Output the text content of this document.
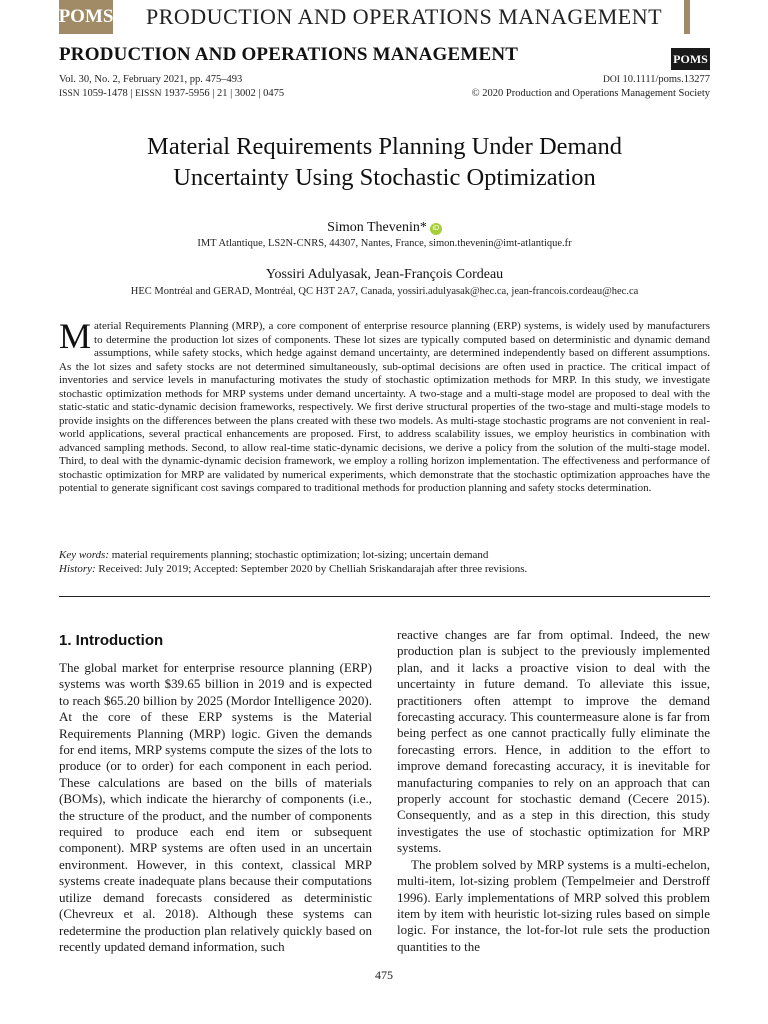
POMS PRODUCTION AND OPERATIONS MANAGEMENT
PRODUCTION AND OPERATIONS MANAGEMENT	POMS
Vol. 30, No. 2, February 2021, pp. 475–493
ISSN 1059-1478 | EISSN 1937-5956 | 21 | 3002 | 0475
DOI 10.1111/poms.13277
© 2020 Production and Operations Management Society
Material Requirements Planning Under Demand
Uncertainty Using Stochastic Optimization
Simon Thevenin* iD
IMT Atlantique, LS2N-CNRS, 44307, Nantes, France, simon.thevenin@imt-atlantique.fr
Yossiri Adulyasak, Jean-François Cordeau
HEC Montréal and GERAD, Montréal, QC H3T 2A7, Canada, yossiri.adulyasak@hec.ca, jean-francois.cordeau@hec.ca
Material Requirements Planning (MRP), a core component of enterprise resource planning (ERP) systems, is widely used by manufacturers to determine the production lot sizes of components. These lot sizes are typically computed based on deterministic and dynamic demand assumptions, while safety stocks, which hedge against demand uncertainty, are determined independently based on different assumptions. As the lot sizes and safety stocks are not determined simultaneously, sub-optimal decisions are often used in practice. The critical impact of inventories and service levels in manufacturing motivates the study of stochastic optimization methods for MRP. In this study, we investigate stochastic optimization methods for MRP systems under demand uncertainty. A two-stage and a multi-stage model are proposed to deal with the static-static and static-dynamic decision frameworks, respectively. We first derive structural properties of the two-stage and multi-stage models to provide insights on the differences between the plans created with these two models. As multi-stage stochastic programs are not convenient in real-world applications, several practical enhancements are proposed. First, to address scalability issues, we employ heuristics in combination with advanced sampling methods. Second, to allow real-time static-dynamic decisions, we derive a policy from the solution of the multi-stage model. Third, to deal with the dynamic-dynamic decision framework, we employ a rolling horizon implementation. The effectiveness and performance of stochastic optimization for MRP are validated by numerical experiments, which demonstrate that the stochastic optimization approaches have the potential to generate significant cost savings compared to traditional methods for production planning and safety stocks determination.
Key words: material requirements planning; stochastic optimization; lot-sizing; uncertain demand
History: Received: July 2019; Accepted: September 2020 by Chelliah Sriskandarajah after three revisions.
1. Introduction

The global market for enterprise resource planning (ERP) systems was worth $39.65 billion in 2019 and is expected to reach $65.20 billion by 2025 (Mordor Intelligence 2020). At the core of these ERP systems is the Material Requirements Planning (MRP) logic. Given the demands for end items, MRP systems compute the sizes of the lots to produce (or to order) for each component in each period. These calculations are based on the bills of materials (BOMs), which indicate the hierarchy of components (i.e., the structure of the product, and the number of components required to produce each end item or subsequent component). MRP systems are often used in an uncertain environment. However, in this context, classical MRP systems create inadequate plans because their computations utilize demand forecasts considered as deterministic (Chevreux et al. 2018). Although these systems can redetermine the production plan relatively quickly based on recently updated demand information, such

reactive changes are far from optimal. Indeed, the new production plan is subject to the previously implemented plan, and it lacks a proactive vision to deal with the uncertainty in future demand. To alleviate this issue, practitioners often attempt to improve the demand forecasting accuracy. This countermeasure alone is far from being perfect as one cannot practically fully eliminate the forecasting errors. Hence, in addition to the effort to improve demand forecasting accuracy, it is inevitable for manufacturing companies to rely on an approach that can properly account for stochastic demand (Cecere 2015). Consequently, and as a step in this direction, this study investigates the use of stochastic optimization for MRP systems.

The problem solved by MRP systems is a multi-echelon, multi-item, lot-sizing problem (Tempelmeier and Derstroff 1996). Early implementations of MRP solved this problem item by item with heuristic lot-sizing rules based on simple logic. For instance, the lot-for-lot rule sets the production quantities to the

475
